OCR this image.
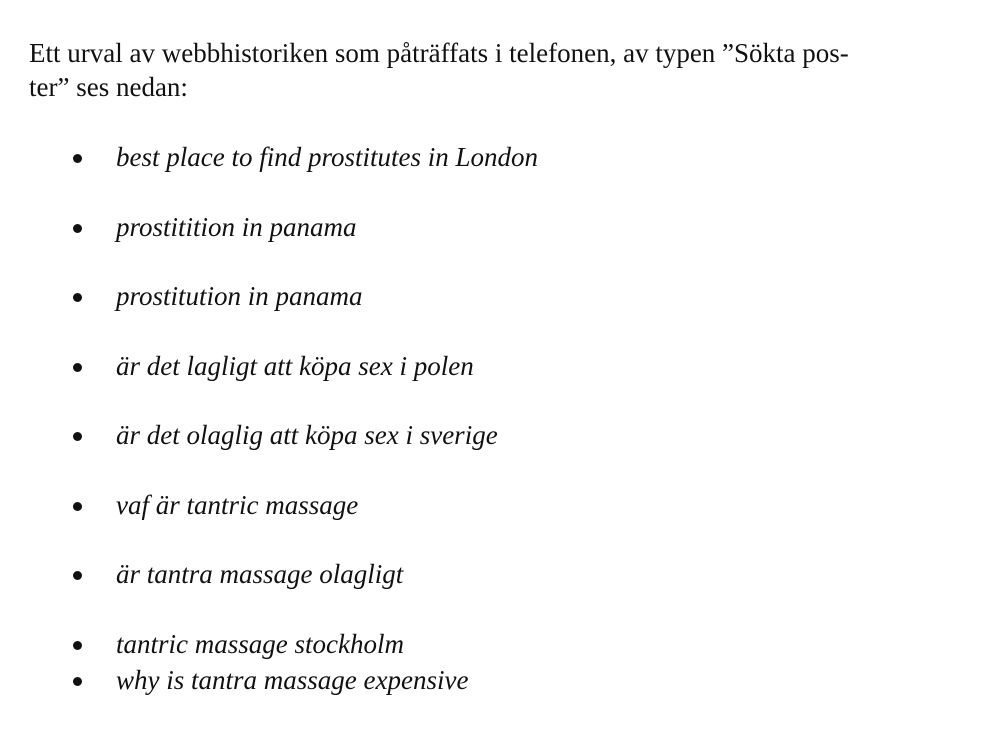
Ett urval av webbhistoriken som påträffats i telefonen, av typen ”Sökta pos-
ter” ses nedan:

best place to find prostitutes in London
prostitition in panama
prostitution in panama
är det lagligt att köpa sex i polen
är det olaglig att köpa sex i sverige
vaf är tantric massage
är tantra massage olagligt
tantric massage stockholm
why is tantra massage expensive
